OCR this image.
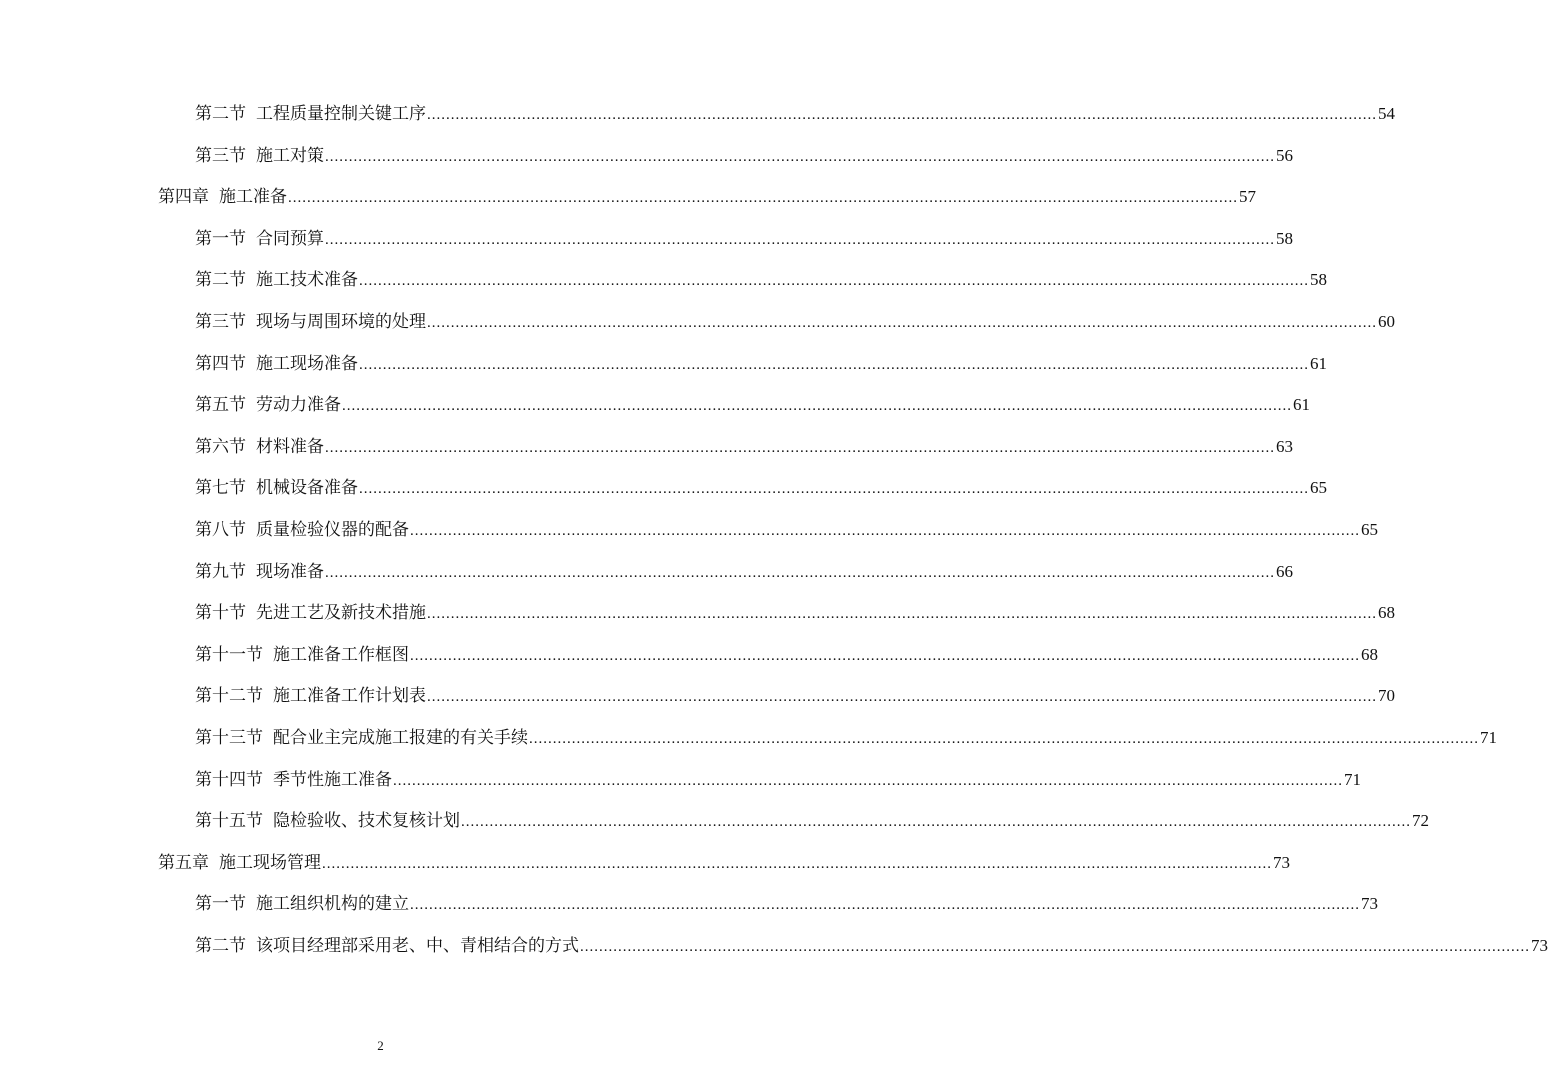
第二节 工程质量控制关键工序 ........................................................................................................................................................................................................ 54
第三节 施工对策 ........................................................................................................................................................................................................ 56
第四章 施工准备 ........................................................................................................................................................................................................ 57
第一节 合同预算 ........................................................................................................................................................................................................ 58
第二节 施工技术准备 ........................................................................................................................................................................................................ 58
第三节 现场与周围环境的处理 ........................................................................................................................................................................................................ 60
第四节 施工现场准备 ........................................................................................................................................................................................................ 61
第五节 劳动力准备 ........................................................................................................................................................................................................ 61
第六节 材料准备 ........................................................................................................................................................................................................ 63
第七节 机械设备准备 ........................................................................................................................................................................................................ 65
第八节 质量检验仪器的配备 ........................................................................................................................................................................................................ 65
第九节 现场准备 ........................................................................................................................................................................................................ 66
第十节 先进工艺及新技术措施 ........................................................................................................................................................................................................ 68
第十一节 施工准备工作框图 ........................................................................................................................................................................................................ 68
第十二节 施工准备工作计划表 ........................................................................................................................................................................................................ 70
第十三节 配合业主完成施工报建的有关手续 ........................................................................................................................................................................................................ 71
第十四节 季节性施工准备 ........................................................................................................................................................................................................ 71
第十五节 隐检验收、技术复核计划 ........................................................................................................................................................................................................ 72
第五章 施工现场管理 ........................................................................................................................................................................................................ 73
第一节 施工组织机构的建立 ........................................................................................................................................................................................................ 73
第二节 该项目经理部采用老、中、青相结合的方式 ........................................................................................................................................................................................................ 73
2
